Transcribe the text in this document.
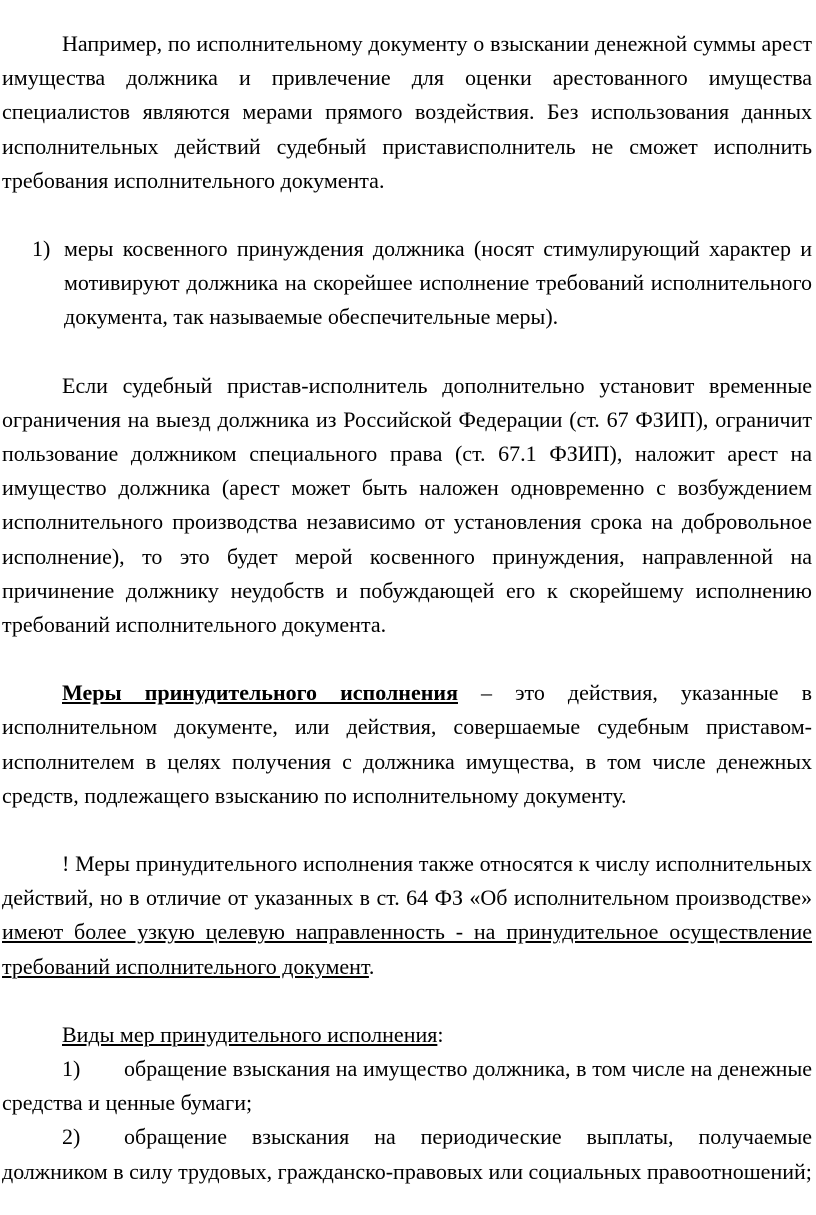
Например, по исполнительному документу о взыскании денежной суммы арест имущества должника и привлечение для оценки арестованного имущества специалистов являются мерами прямого воздействия. Без использования данных исполнительных действий судебный пристависполнитель не сможет исполнить требования исполнительного документа.

1) меры косвенного принуждения должника (носят стимулирующий характер и мотивируют должника на скорейшее исполнение требований исполнительного документа, так называемые обеспечительные меры).

Если судебный пристав-исполнитель дополнительно установит временные ограничения на выезд должника из Российской Федерации (ст. 67 ФЗИП), ограничит пользование должником специального права (ст. 67.1 ФЗИП), наложит арест на имущество должника (арест может быть наложен одновременно с возбуждением исполнительного производства независимо от установления срока на добровольное исполнение), то это будет мерой косвенного принуждения, направленной на причинение должнику неудобств и побуждающей его к скорейшему исполнению требований исполнительного документа.

Меры принудительного исполнения – это действия, указанные в исполнительном документе, или действия, совершаемые судебным приставом-исполнителем в целях получения с должника имущества, в том числе денежных средств, подлежащего взысканию по исполнительному документу.

! Меры принудительного исполнения также относятся к числу исполнительных действий, но в отличие от указанных в ст. 64 ФЗ «Об исполнительном производстве» имеют более узкую целевую направленность - на принудительное осуществление требований исполнительного документ.

Виды мер принудительного исполнения:

1) обращение взыскания на имущество должника, в том числе на денежные средства и ценные бумаги;

2) обращение взыскания на периодические выплаты, получаемые должником в силу трудовых, гражданско-правовых или социальных правоотношений;
